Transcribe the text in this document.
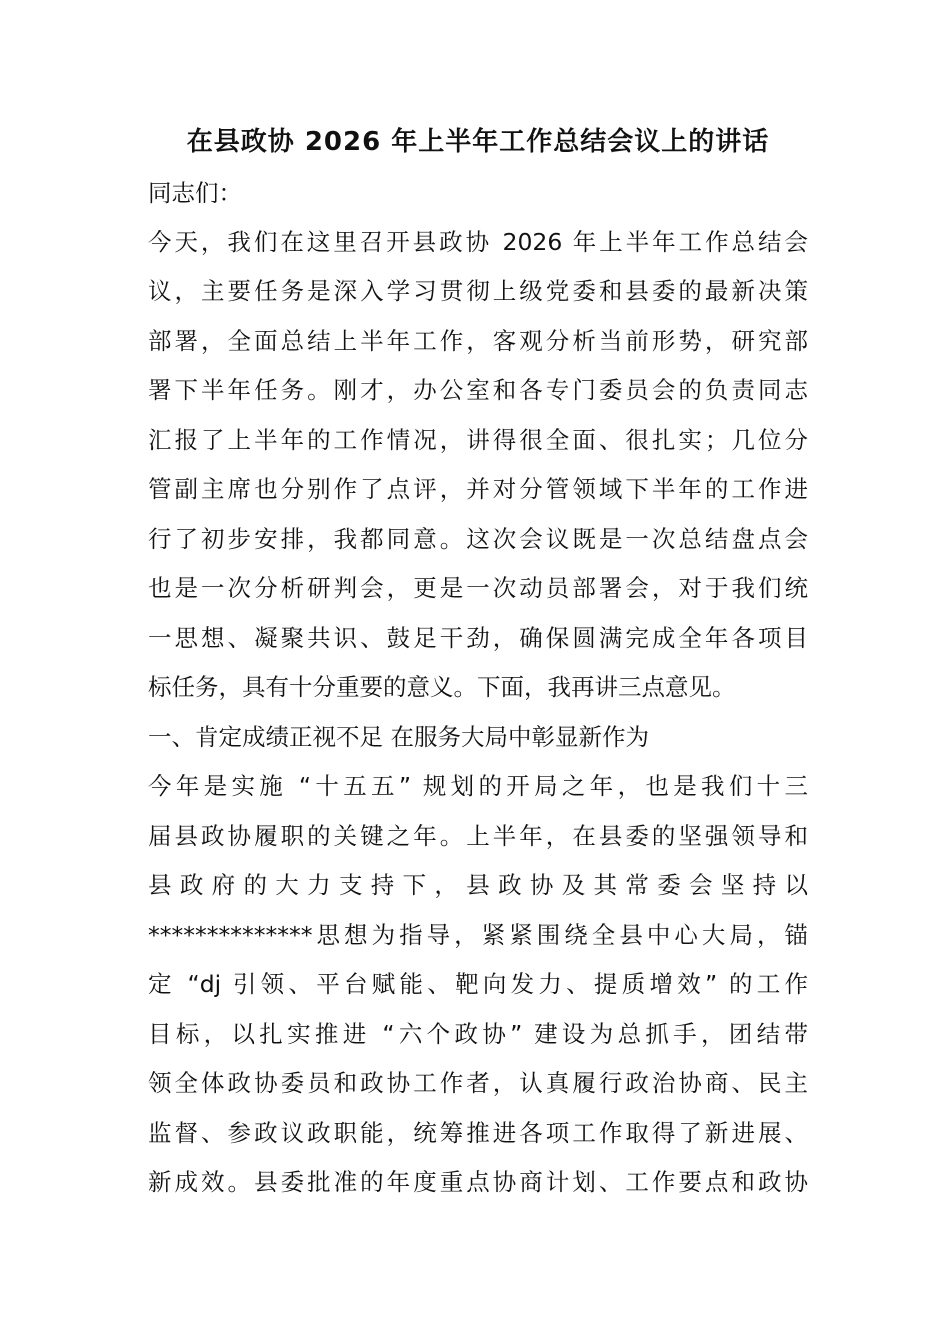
在县政协 2026 年上半年工作总结会议上的讲话
同志们：
今天，我们在这里召开县政协 2026 年上半年工作总结会
议，主要任务是深入学习贯彻上级党委和县委的最新决策
部署，全面总结上半年工作，客观分析当前形势，研究部
署下半年任务。刚才，办公室和各专门委员会的负责同志
汇报了上半年的工作情况，讲得很全面、很扎实；几位分
管副主席也分别作了点评，并对分管领域下半年的工作进
行了初步安排，我都同意。这次会议既是一次总结盘点会
也是一次分析研判会，更是一次动员部署会，对于我们统
一思想、凝聚共识、鼓足干劲，确保圆满完成全年各项目
标任务，具有十分重要的意义。下面，我再讲三点意见。
一、肯定成绩正视不足 在服务大局中彰显新作为
今年是实施 “十五五” 规划的开局之年，也是我们十三
届县政协履职的关键之年。上半年，在县委的坚强领导和
县政府的大力支持下，县政协及其常委会坚持以
**************思想为指导，紧紧围绕全县中心大局，锚
定 “dj 引领、平台赋能、靶向发力、提质增效” 的工作
目标，以扎实推进 “六个政协” 建设为总抓手，团结带
领全体政协委员和政协工作者，认真履行政治协商、民主
监督、参政议政职能，统筹推进各项工作取得了新进展、
新成效。县委批准的年度重点协商计划、工作要点和政协
